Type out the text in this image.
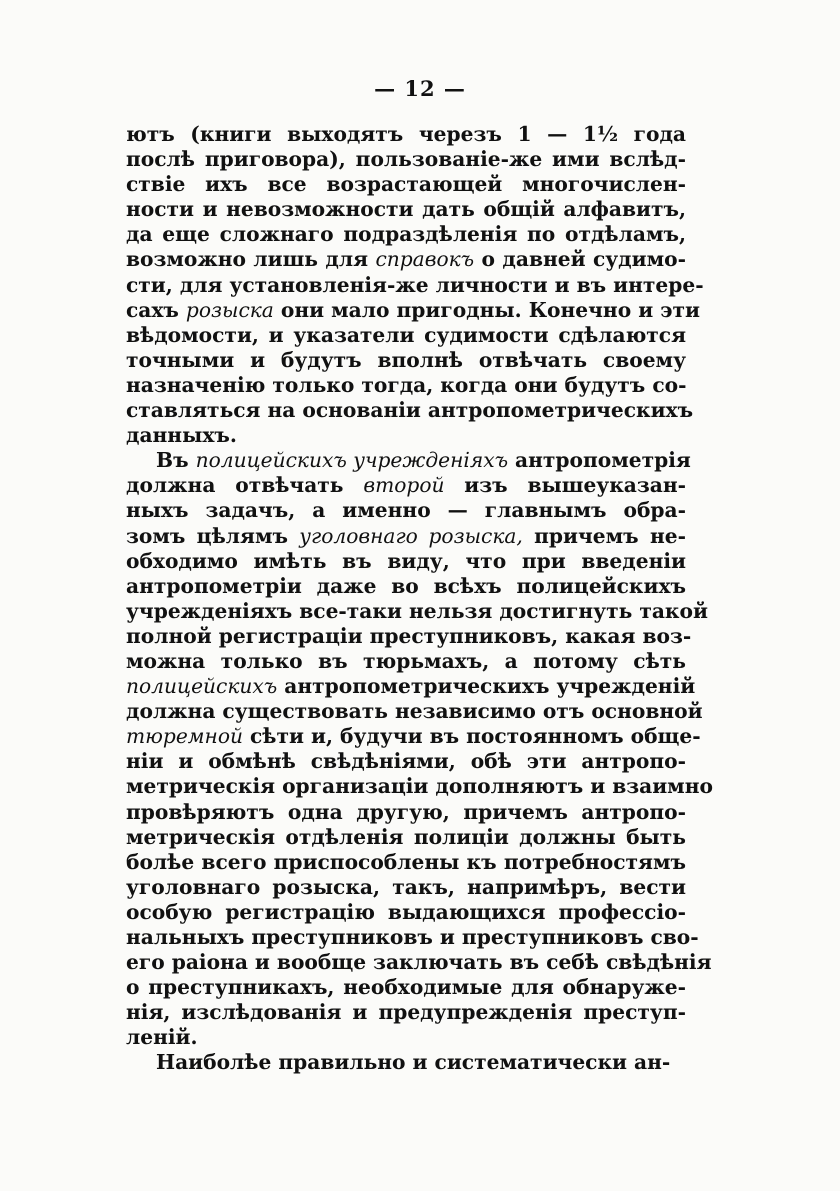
— 12 —
ютъ (книги выходятъ черезъ 1 — 1½ года
послѣ приговора), пользованіе-же ими вслѣд-
ствіе ихъ все возрастающей многочислен-
ности и невозможности дать общій алфавитъ,
да еще сложнаго подраздѣленія по отдѣламъ,
возможно лишь для справокъ о давней судимо-
сти, для установленія-же личности и въ интере-
сахъ розыска они мало пригодны. Конечно и эти
вѣдомости, и указатели судимости сдѣлаются
точными и будутъ вполнѣ отвѣчать своему
назначенію только тогда, когда они будутъ со-
ставляться на основаніи антропометрическихъ
данныхъ.
Въ полицейскихъ учрежденіяхъ антропометрія
должна отвѣчать второй изъ вышеуказан-
ныхъ задачъ, а именно — главнымъ обра-
зомъ цѣлямъ уголовнаго розыска, причемъ не-
обходимо имѣть въ виду, что при введеніи
антропометріи даже во всѣхъ полицейскихъ
учрежденіяхъ все-таки нельзя достигнуть такой
полной регистраціи преступниковъ, какая воз-
можна только въ тюрьмахъ, а потому сѣть
полицейскихъ антропометрическихъ учрежденій
должна существовать независимо отъ основной
тюремной сѣти и, будучи въ постоянномъ обще-
ніи и обмѣнѣ свѣдѣніями, обѣ эти антропо-
метрическія организаціи дополняютъ и взаимно
провѣряютъ одна другую, причемъ антропо-
метрическія отдѣленія полиціи должны быть
болѣе всего приспособлены къ потребностямъ
уголовнаго розыска, такъ, напримѣръ, вести
особую регистрацію выдающихся профессіо-
нальныхъ преступниковъ и преступниковъ сво-
его раіона и вообще заключать въ себѣ свѣдѣнія
о преступникахъ, необходимые для обнаруже-
нія, изслѣдованія и предупрежденія преступ-
леній.
Наиболѣе правильно и систематически ан-
